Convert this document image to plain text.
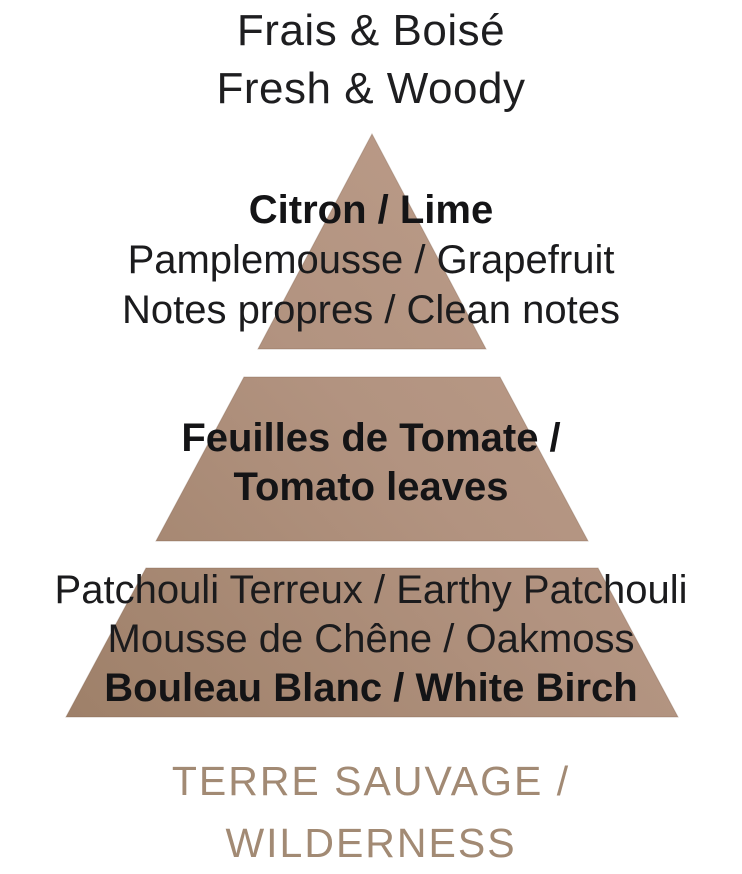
Frais & Boisé
Fresh & Woody
Citron / Lime
Pamplemousse / Grapefruit
Notes propres / Clean notes
Feuilles de Tomate /
Tomato leaves
Patchouli Terreux / Earthy Patchouli
Mousse de Chêne / Oakmoss
Bouleau Blanc / White Birch
TERRE SAUVAGE /
WILDERNESS
